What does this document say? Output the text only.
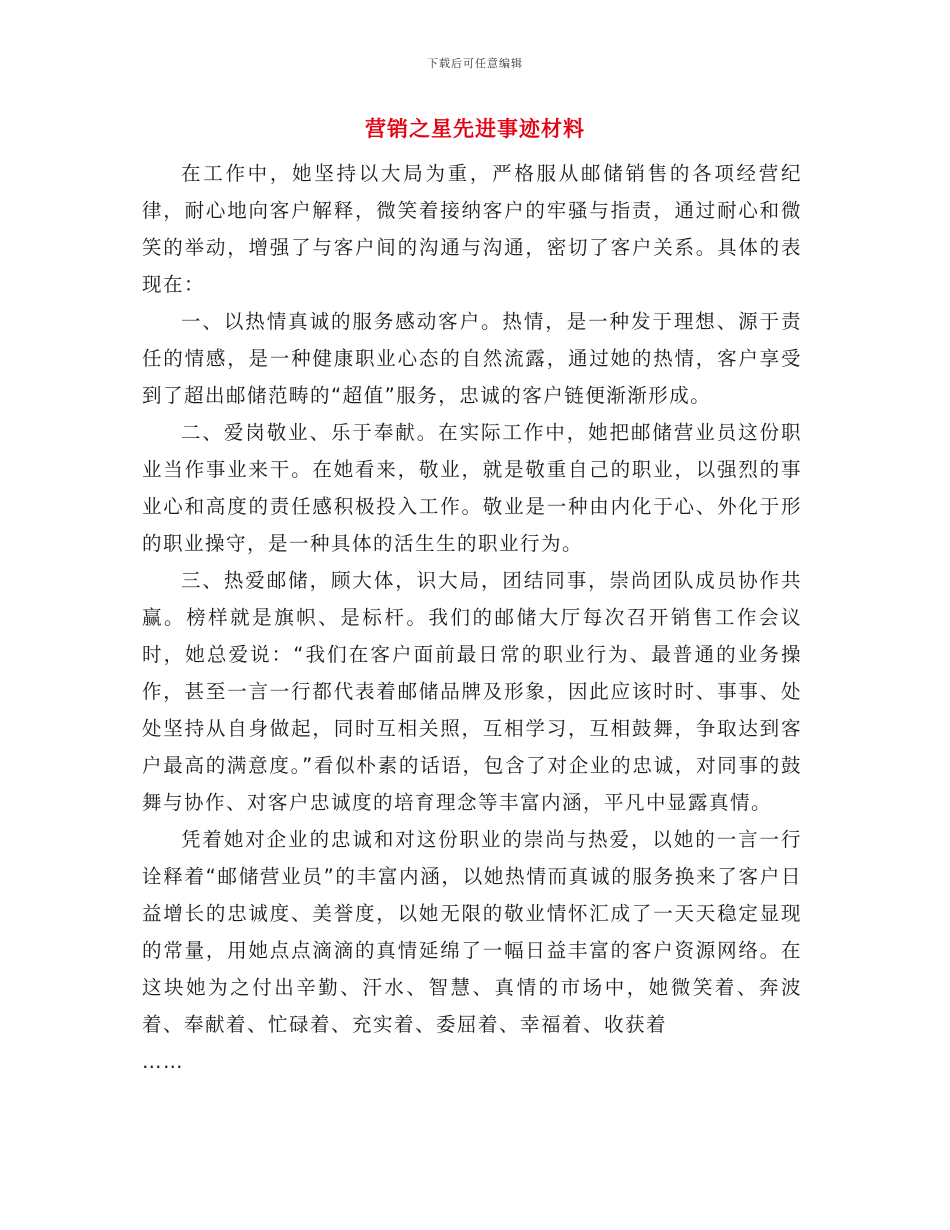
下载后可任意编辑
营销之星先进事迹材料

在工作中，她坚持以大局为重，严格服从邮储销售的各项经营纪律，耐心地向客户解释，微笑着接纳客户的牢骚与指责，通过耐心和微笑的举动，增强了与客户间的沟通与沟通，密切了客户关系。具体的表现在：

一、以热情真诚的服务感动客户。热情，是一种发于理想、源于责任的情感，是一种健康职业心态的自然流露，通过她的热情，客户享受到了超出邮储范畴的“超值”服务，忠诚的客户链便渐渐形成。

二、爱岗敬业、乐于奉献。在实际工作中，她把邮储营业员这份职业当作事业来干。在她看来，敬业，就是敬重自己的职业，以强烈的事业心和高度的责任感积极投入工作。敬业是一种由内化于心、外化于形的职业操守，是一种具体的活生生的职业行为。

三、热爱邮储，顾大体，识大局，团结同事，崇尚团队成员协作共赢。榜样就是旗帜、是标杆。我们的邮储大厅每次召开销售工作会议时，她总爱说：“我们在客户面前最日常的职业行为、最普通的业务操作，甚至一言一行都代表着邮储品牌及形象，因此应该时时、事事、处处坚持从自身做起，同时互相关照，互相学习，互相鼓舞，争取达到客户最高的满意度。”看似朴素的话语，包含了对企业的忠诚，对同事的鼓舞与协作、对客户忠诚度的培育理念等丰富内涵，平凡中显露真情。

凭着她对企业的忠诚和对这份职业的崇尚与热爱，以她的一言一行诠释着“邮储营业员”的丰富内涵，以她热情而真诚的服务换来了客户日益增长的忠诚度、美誉度，以她无限的敬业情怀汇成了一天天稳定显现的常量，用她点点滴滴的真情延绵了一幅日益丰富的客户资源网络。在这块她为之付出辛勤、汗水、智慧、真情的市场中，她微笑着、奔波着、奉献着、忙碌着、充实着、委屈着、幸福着、收获着

……
